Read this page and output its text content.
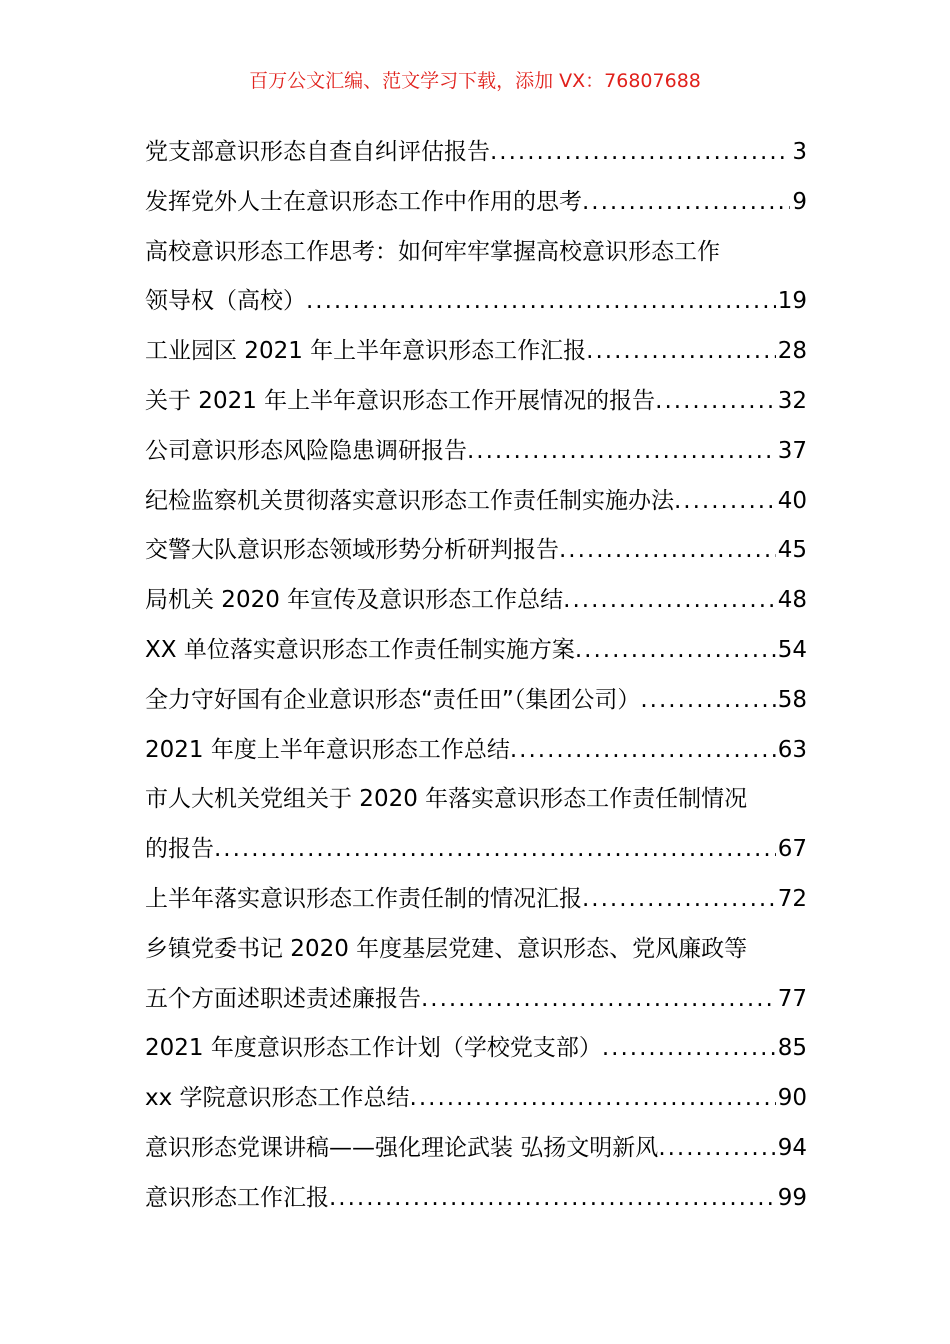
百万公文汇编、范文学习下载，添加 VX：76807688
党支部意识形态自查自纠评估报告 .....	3
发挥党外人士在意识形态工作中作用的思考 .....	9
高校意识形态工作思考：如何牢牢掌握高校意识形态工作
领导权（高校） .....	19
工业园区 2021 年上半年意识形态工作汇报 .....	28
关于 2021 年上半年意识形态工作开展情况的报告 .....	32
公司意识形态风险隐患调研报告 .....	37
纪检监察机关贯彻落实意识形态工作责任制实施办法 .....	40
交警大队意识形态领域形势分析研判报告 .....	45
局机关 2020 年宣传及意识形态工作总结 .....	48
XX 单位落实意识形态工作责任制实施方案 .....	54
全力守好国有企业意识形态“责任田”（集团公司） .....	58
2021 年度上半年意识形态工作总结 .....	63
市人大机关党组关于 2020 年落实意识形态工作责任制情况
的报告 .....	67
上半年落实意识形态工作责任制的情况汇报 .....	72
乡镇党委书记 2020 年度基层党建、意识形态、党风廉政等
五个方面述职述责述廉报告 .....	77
2021 年度意识形态工作计划（学校党支部） .....	85
xx 学院意识形态工作总结 .....	90
意识形态党课讲稿——强化理论武装 弘扬文明新风 .....	94
意识形态工作汇报 .....	99
